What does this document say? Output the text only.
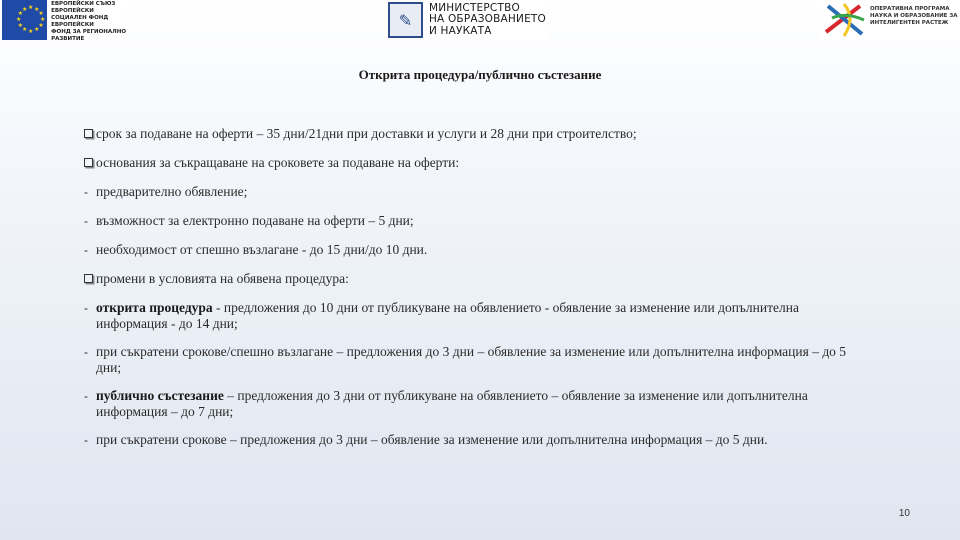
★ ★
★
★
★
★
★
★
★
★
★
★
ЕВРОПЕЙСКИ СЪЮЗ
ЕВРОПЕЙСКИ
СОЦИАЛЕН ФОНД
ЕВРОПЕЙСКИ
ФОНД ЗА РЕГИОНАЛНО
РАЗВИТИЕ
✎
МИНИСТЕРСТВО
НА ОБРАЗОВАНИЕТО
И НАУКАТА
ОПЕРАТИВНА ПРОГРАМА
НАУКА И ОБРАЗОВАНИЕ ЗА
ИНТЕЛИГЕНТЕН РАСТЕЖ
Открита процедура/публично състезание
срок за подаване на оферти – 35 дни/21дни при доставки и услуги и 28 дни при строителство;
основания за съкращаване на сроковете за подаване на оферти:
- предварително обявление;
- възможност за електронно подаване на оферти – 5 дни;
- необходимост от спешно възлагане - до 15 дни/до 10 дни.
промени в условията на обявена процедура:
- открита процедура - предложения до 10 дни от публикуване на обявлението - обявление за изменение или допълнителна информация - до 14 дни;
- при съкратени срокове/спешно възлагане – предложения до 3 дни – обявление за изменение или допълнителна информация – до 5 дни;
- публично състезание – предложения до 3 дни от публикуване на обявлението – обявление за изменение или допълнителна информация – до 7 дни;
- при съкратени срокове – предложения до 3 дни – обявление за изменение или допълнителна информация – до 5 дни.
10
